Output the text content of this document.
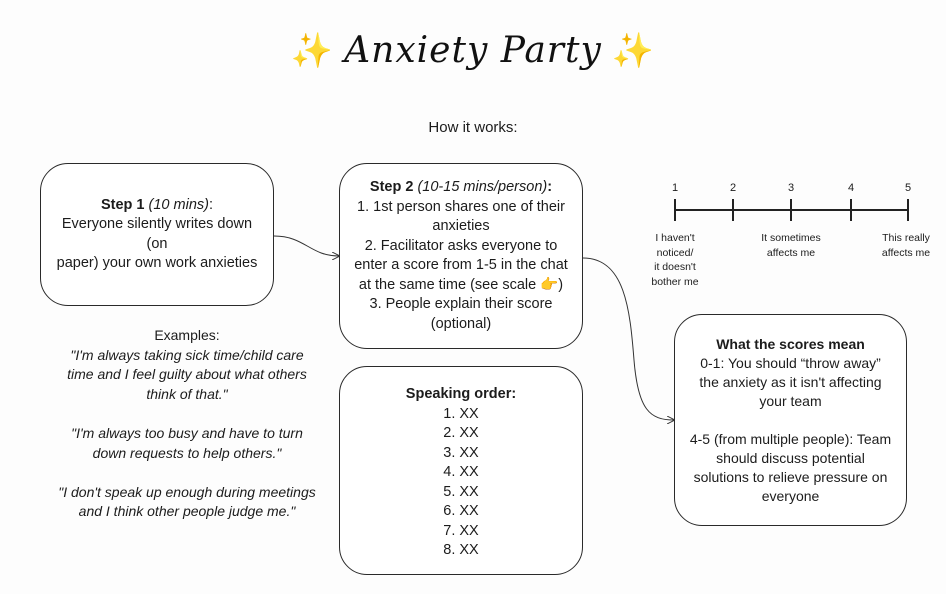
✨ Anxiety Party ✨
How it works:
Step 1 (10 mins):
Everyone silently writes down (on
paper) your own work anxieties
Step 2 (10-15 mins/person):
1. 1st person shares one of their
anxieties
2. Facilitator asks everyone to
enter a score from 1-5 in the chat
at the same time (see scale 👉)
3. People explain their score
(optional)
Speaking order:
1. XX
2. XX
3. XX
4. XX
5. XX
6. XX
7. XX
8. XX
Examples:
"I'm always taking sick time/child care
time and I feel guilty about what others
think of that."
"I'm always too busy and have to turn
down requests to help others."
"I don't speak up enough during meetings
and I think other people judge me."
1	2	3	4	5
I haven't
noticed/
it doesn't
bother me
It sometimes
affects me
This really
affects me
What the scores mean
0-1: You should “throw away”
the anxiety as it isn't affecting
your team
4-5 (from multiple people): Team
should discuss potential
solutions to relieve pressure on
everyone
